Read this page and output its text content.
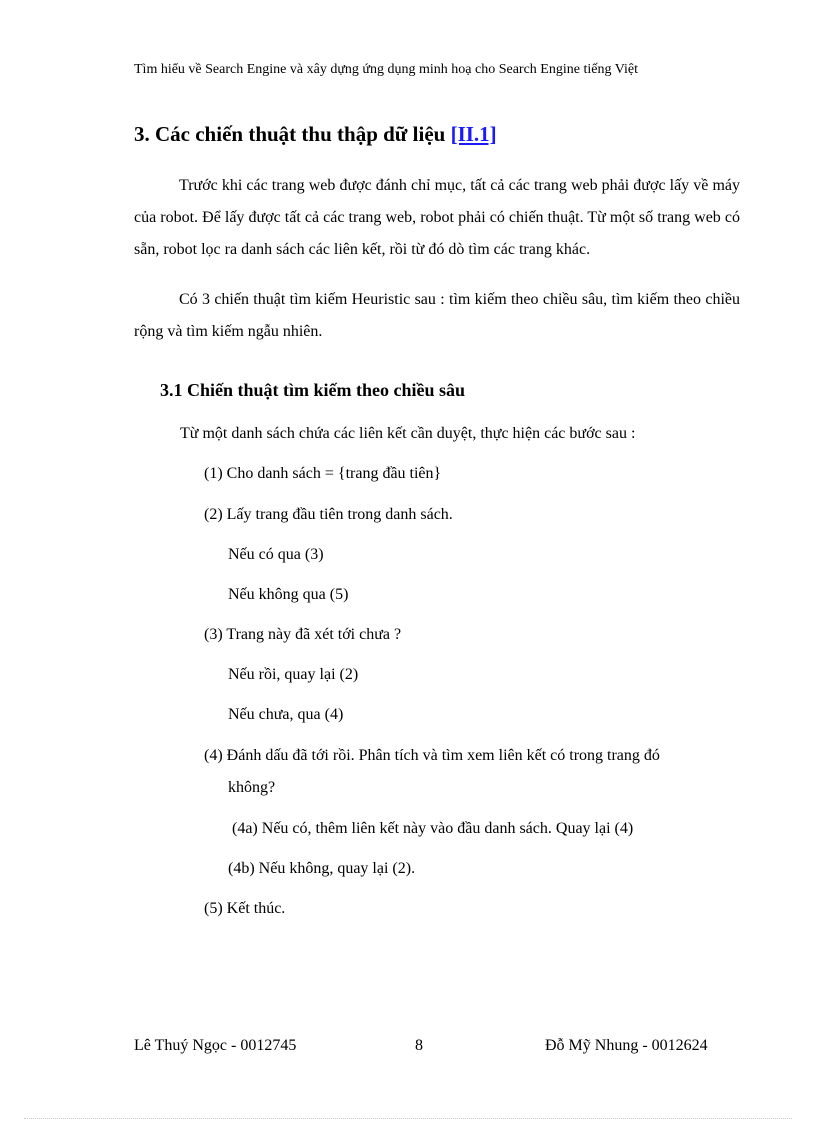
Tìm hiểu về Search Engine và xây dựng ứng dụng minh hoạ cho Search Engine tiếng Việt
3. Các chiến thuật thu thập dữ liệu [II.1]

Trước khi các trang web được đánh chỉ mục, tất cả các trang web phải được lấy về máy của robot. Để lấy được tất cả các trang web, robot phải có chiến thuật. Từ một số trang web có sẵn, robot lọc ra danh sách các liên kết, rồi từ đó dò tìm các trang khác.

Có 3 chiến thuật tìm kiếm Heuristic sau : tìm kiếm theo chiều sâu, tìm kiếm theo chiều rộng và tìm kiếm ngẫu nhiên.

3.1 Chiến thuật tìm kiếm theo chiều sâu
Từ một danh sách chứa các liên kết cần duyệt, thực hiện các bước sau :
(1) Cho danh sách = {trang đầu tiên}
(2) Lấy trang đầu tiên trong danh sách.
Nếu có qua (3)
Nếu không qua (5)
(3) Trang này đã xét tới chưa ?
Nếu rồi, quay lại (2)
Nếu chưa, qua (4)
(4) Đánh dấu đã tới rồi. Phân tích và tìm xem liên kết có trong trang đó
không?
(4a) Nếu có, thêm liên kết này vào đầu danh sách. Quay lại (4)
(4b) Nếu không, quay lại (2).
(5) Kết thúc.
Lê Thuý Ngọc - 0012745	8	Đỗ Mỹ Nhung - 0012624
